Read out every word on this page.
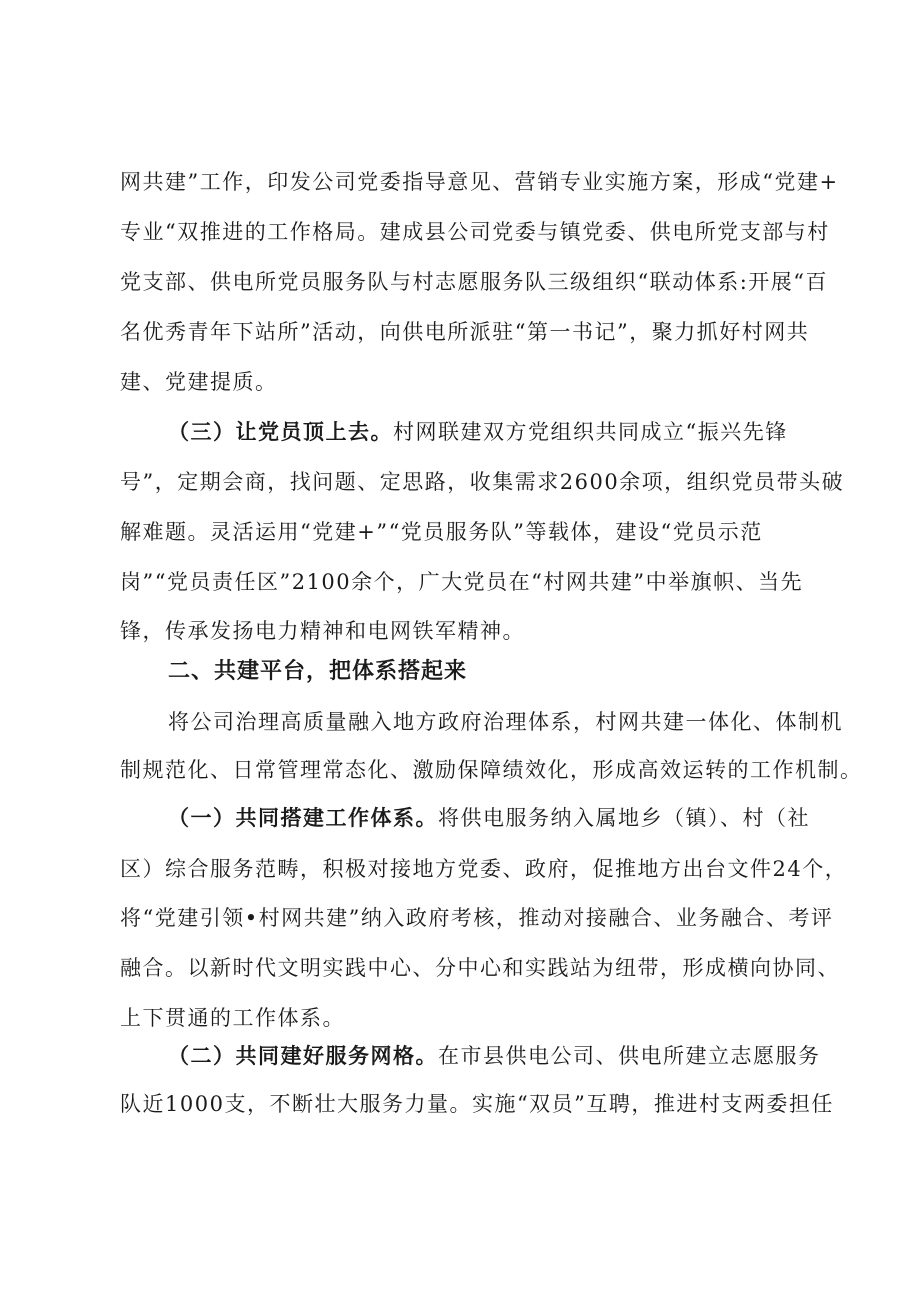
网共建”工作，印发公司党委指导意见、营销专业实施方案，形成“党建+
专业“双推进的工作格局。建成县公司党委与镇党委、供电所党支部与村
党支部、供电所党员服务队与村志愿服务队三级组织“联动体系:开展“百
名优秀青年下站所”活动，向供电所派驻“第一书记”，聚力抓好村网共
建、党建提质。
（三）让党员顶上去。村网联建双方党组织共同成立“振兴先锋
号”，定期会商，找问题、定思路，收集需求2600余项，组织党员带头破
解难题。灵活运用“党建+”“党员服务队”等载体，建设“党员示范
岗”“党员责任区”2100余个，广大党员在“村网共建”中举旗帜、当先
锋，传承发扬电力精神和电网铁军精神。
二、共建平台，把体系搭起来
将公司治理高质量融入地方政府治理体系，村网共建一体化、体制机
制规范化、日常管理常态化、激励保障绩效化，形成高效运转的工作机制。
（一）共同搭建工作体系。将供电服务纳入属地乡（镇）、村（社
区）综合服务范畴，积极对接地方党委、政府，促推地方出台文件24个，
将“党建引领•村网共建”纳入政府考核，推动对接融合、业务融合、考评
融合。以新时代文明实践中心、分中心和实践站为纽带，形成横向协同、
上下贯通的工作体系。
（二）共同建好服务网格。在市县供电公司、供电所建立志愿服务
队近1000支，不断壮大服务力量。实施“双员”互聘，推进村支两委担任
